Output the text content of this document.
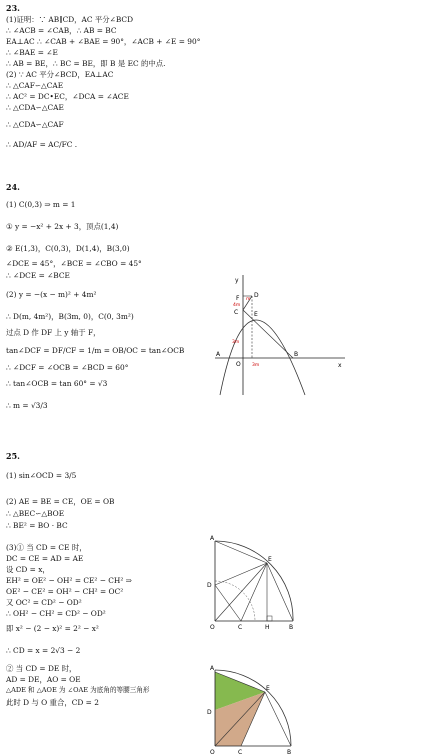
23.
(1)证明：∵ AB∥CD，AC 平分∠BCD
∴ ∠ACB = ∠CAB，∴ AB = BC
EA⊥AC ∴ ∠CAB + ∠BAE = 90°，∠ACB + ∠E = 90°
∴ ∠BAE = ∠E
∴ AB = BE，∴ BC = BE，即 B 是 EC 的中点.
(2) ∵ AC 平分∠BCD，EA⊥AC
∴ △CAF∽△CAE
∴ AC² = DC•EC，∠DCA = ∠ACE
∴ △CDA∽△CAE
∴ △CDA∽△CAF
∴ AD/AF = AC/FC .
24.
(1) C(0,3) ⇒ m = 1
① y = −x² + 2x + 3，顶点(1,4)
② E(1,3)，C(0,3)，D(1,4)，B(3,0)
∠DCE = 45°，∠BCE = ∠CBO = 45°
∴ ∠DCE = ∠BCE
(2) y = −(x − m)² + 4m²
∴ D(m, 4m²)，B(3m, 0)，C(0, 3m²)
过点 D 作 DF 上 y 轴于 F，
tan∠DCF = DF/CF = 1/m = OB/OC = tan∠OCB
∴ ∠DCF = ∠OCB = ∠BCD = 60°
∴ tan∠OCB = tan 60° = √3
∴ m = √3/3
y
x
O
A	B
C
D
E
F
3m
4m
m
3m
25.
(1) sin∠OCD = 3/5
(2) AE = BE = CE，OE = OB
∴ △BEC∽△BOE
∴ BE² = BO · BC
(3)① 当 CD = CE 时，
DC = CE = AD = AE
设 CD = x，
EH² = OE² − OH² = CE² − CH² ⇒
OE² − CE² = OH² − CH² = OC²
又 OC² = CD² − OD²
∴ OH² − CH² = CD² − OD²
即 x² − (2 − x)² = 2² − x²
∴ CD = x = 2√3 − 2
② 当 CD = DE 时，
AD = DE，AO = OE
△ADE 和 △AOE 为 ∠OAE 为底角的等腰三角形
此时 D 与 O 重合，CD = 2
A
D
E
O	C	H	B
A
E
D
O	C	B
